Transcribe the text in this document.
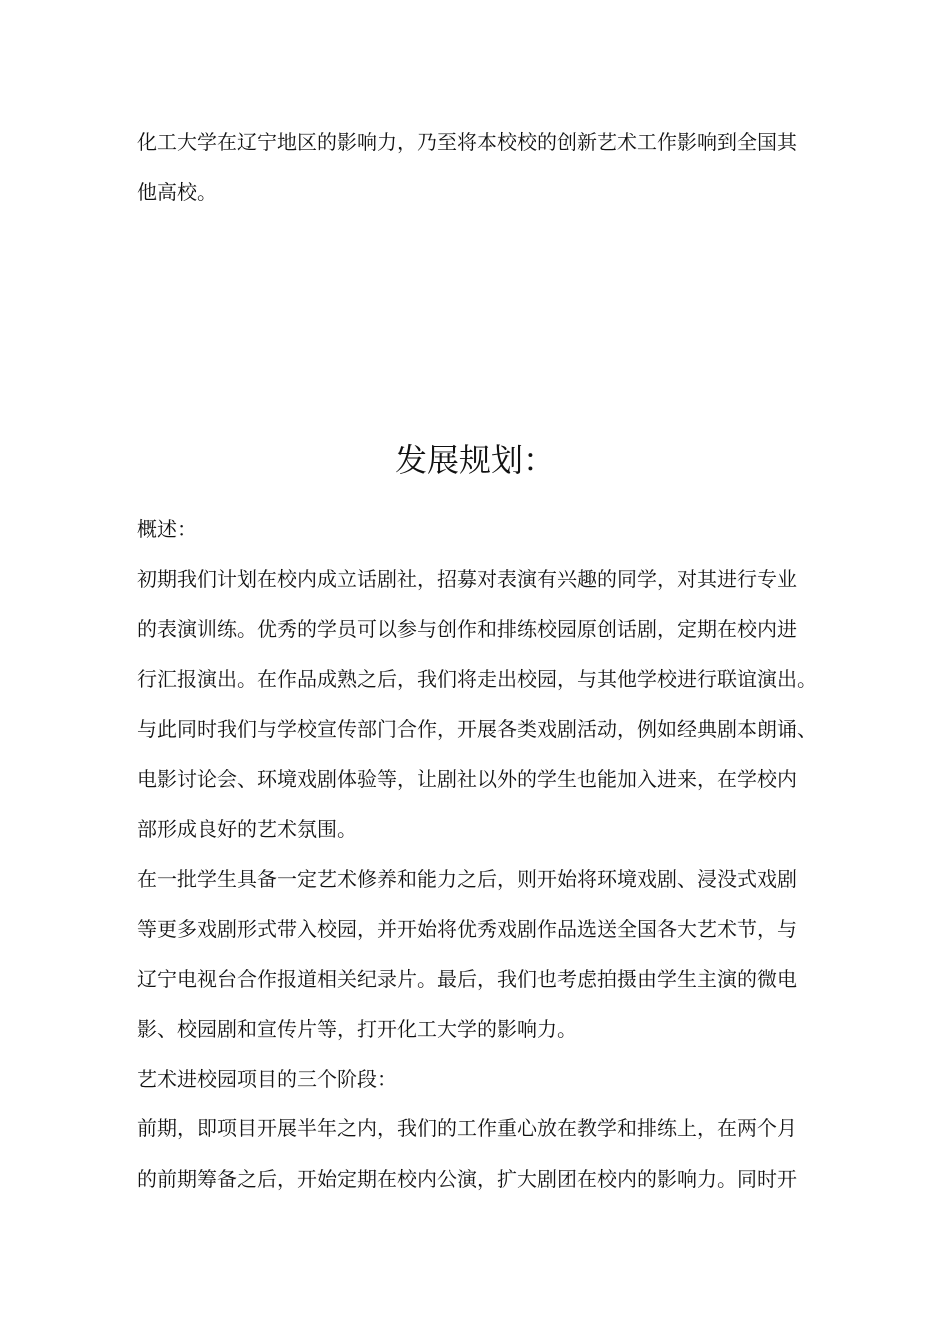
化工大学在辽宁地区的影响力，乃至将本校校的创新艺术工作影响到全国其
他高校。
发展规划：
概述：
初期我们计划在校内成立话剧社，招募对表演有兴趣的同学，对其进行专业
的表演训练。优秀的学员可以参与创作和排练校园原创话剧，定期在校内进
行汇报演出。在作品成熟之后，我们将走出校园，与其他学校进行联谊演出。
与此同时我们与学校宣传部门合作，开展各类戏剧活动，例如经典剧本朗诵、
电影讨论会、环境戏剧体验等，让剧社以外的学生也能加入进来，在学校内
部形成良好的艺术氛围。
在一批学生具备一定艺术修养和能力之后，则开始将环境戏剧、浸没式戏剧
等更多戏剧形式带入校园，并开始将优秀戏剧作品选送全国各大艺术节，与
辽宁电视台合作报道相关纪录片。最后，我们也考虑拍摄由学生主演的微电
影、校园剧和宣传片等，打开化工大学的影响力。
艺术进校园项目的三个阶段：
前期，即项目开展半年之内，我们的工作重心放在教学和排练上，在两个月
的前期筹备之后，开始定期在校内公演，扩大剧团在校内的影响力。同时开
